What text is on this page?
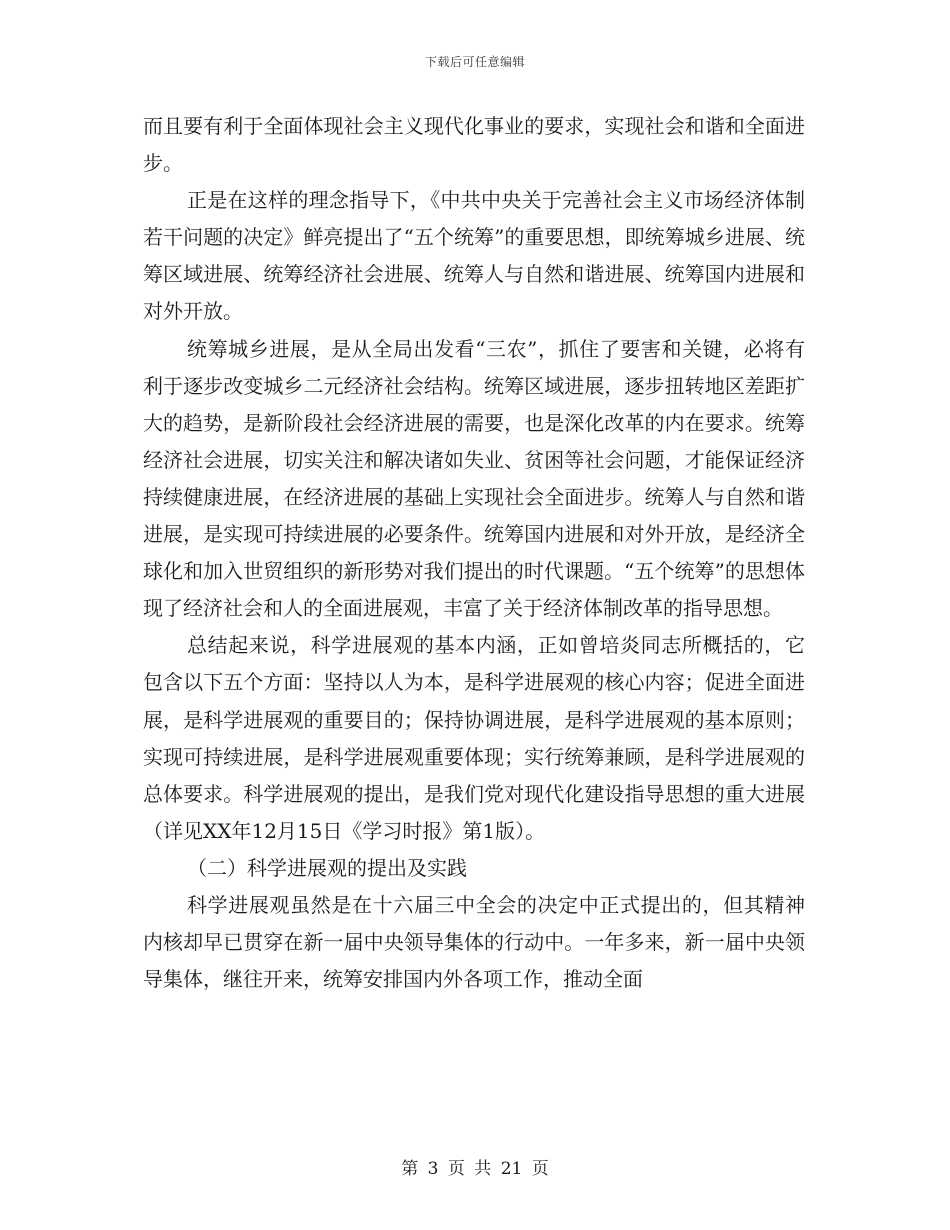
下载后可任意编辑

而且要有利于全面体现社会主义现代化事业的要求，实现社会和谐和全面进步。

正是在这样的理念指导下，《中共中央关于完善社会主义市场经济体制若干问题的决定》鲜亮提出了“五个统筹”的重要思想，即统筹城乡进展、统筹区域进展、统筹经济社会进展、统筹人与自然和谐进展、统筹国内进展和对外开放。

统筹城乡进展，是从全局出发看“三农”，抓住了要害和关键，必将有利于逐步改变城乡二元经济社会结构。统筹区域进展，逐步扭转地区差距扩大的趋势，是新阶段社会经济进展的需要，也是深化改革的内在要求。统筹经济社会进展，切实关注和解决诸如失业、贫困等社会问题，才能保证经济持续健康进展，在经济进展的基础上实现社会全面进步。统筹人与自然和谐进展，是实现可持续进展的必要条件。统筹国内进展和对外开放，是经济全球化和加入世贸组织的新形势对我们提出的时代课题。“五个统筹”的思想体现了经济社会和人的全面进展观，丰富了关于经济体制改革的指导思想。

总结起来说，科学进展观的基本内涵，正如曾培炎同志所概括的，它包含以下五个方面：坚持以人为本，是科学进展观的核心内容；促进全面进展，是科学进展观的重要目的；保持协调进展，是科学进展观的基本原则；实现可持续进展，是科学进展观重要体现；实行统筹兼顾，是科学进展观的总体要求。科学进展观的提出，是我们党对现代化建设指导思想的重大进展（详见XX年12月15日《学习时报》第1版）。

（二）科学进展观的提出及实践

科学进展观虽然是在十六届三中全会的决定中正式提出的，但其精神内核却早已贯穿在新一届中央领导集体的行动中。一年多来，新一届中央领导集体，继往开来，统筹安排国内外各项工作，推动全面

第 3 页 共 21 页
